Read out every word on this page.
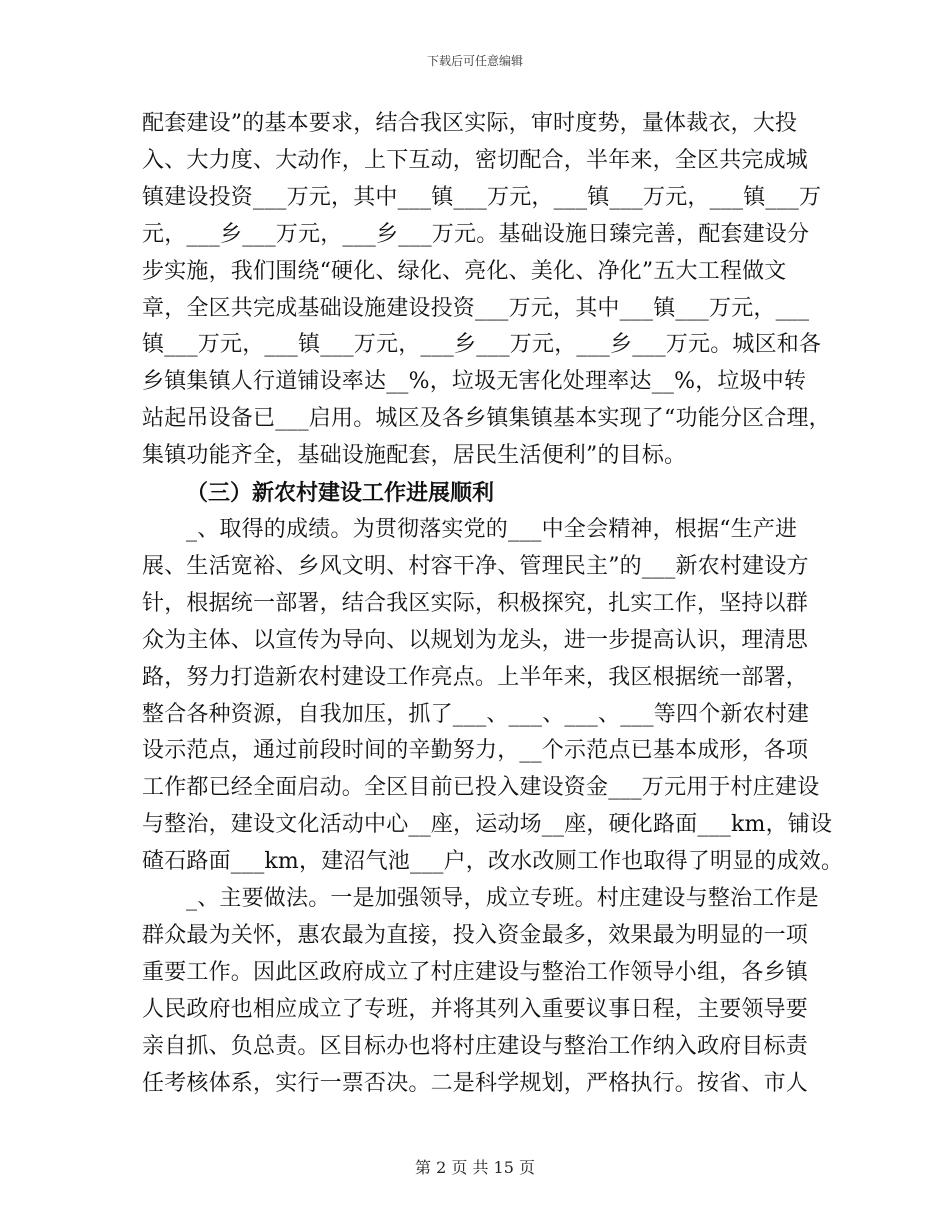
下载后可任意编辑
配套建设”的基本要求，结合我区实际，审时度势，量体裁衣，大投
入、大力度、大动作，上下互动，密切配合，半年来，全区共完成城
镇建设投资___万元，其中___镇___万元，___镇___万元，___镇___万
元，___乡___万元，___乡___万元。基础设施日臻完善，配套建设分
步实施，我们围绕“硬化、绿化、亮化、美化、净化”五大工程做文
章，全区共完成基础设施建设投资___万元，其中___镇___万元，___
镇___万元，___镇___万元，___乡___万元，___乡___万元。城区和各
乡镇集镇人行道铺设率达__%，垃圾无害化处理率达__%，垃圾中转
站起吊设备已___启用。城区及各乡镇集镇基本实现了“功能分区合理，
集镇功能齐全，基础设施配套，居民生活便利”的目标。
（三）新农村建设工作进展顺利
_、取得的成绩。为贯彻落实党的___中全会精神，根据“生产进
展、生活宽裕、乡风文明、村容干净、管理民主”的___新农村建设方
针，根据统一部署，结合我区实际，积极探究，扎实工作，坚持以群
众为主体、以宣传为导向、以规划为龙头，进一步提高认识，理清思
路，努力打造新农村建设工作亮点。上半年来，我区根据统一部署，
整合各种资源，自我加压，抓了___、___、___、___等四个新农村建
设示范点，通过前段时间的辛勤努力，__个示范点已基本成形，各项
工作都已经全面启动。全区目前已投入建设资金___万元用于村庄建设
与整治，建设文化活动中心__座，运动场__座，硬化路面___km，铺设
碴石路面___km，建沼气池___户，改水改厕工作也取得了明显的成效。
_、主要做法。一是加强领导，成立专班。村庄建设与整治工作是
群众最为关怀，惠农最为直接，投入资金最多，效果最为明显的一项
重要工作。因此区政府成立了村庄建设与整治工作领导小组，各乡镇
人民政府也相应成立了专班，并将其列入重要议事日程，主要领导要
亲自抓、负总责。区目标办也将村庄建设与整治工作纳入政府目标责
任考核体系，实行一票否决。二是科学规划，严格执行。按省、市人
第 2 页 共 15 页
